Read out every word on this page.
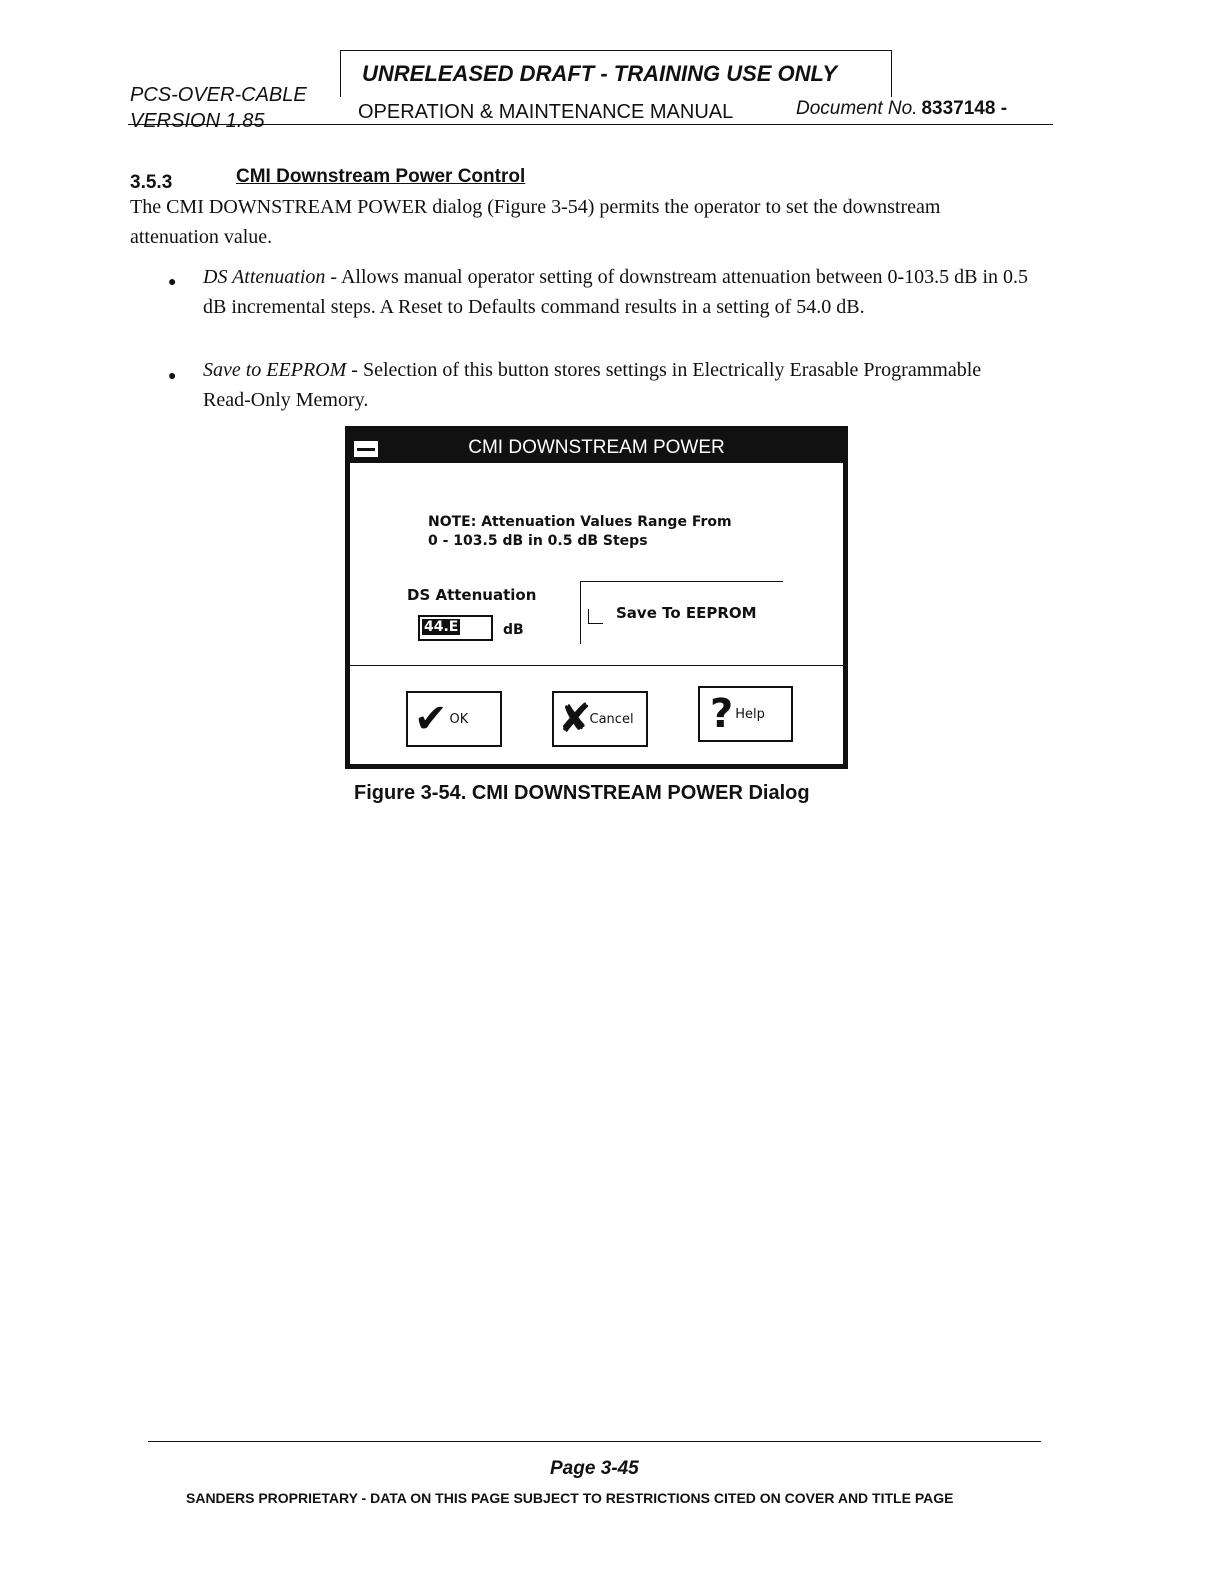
PCS-OVER-CABLE
VERSION 1.85
UNRELEASED DRAFT - TRAINING USE ONLY
OPERATION & MAINTENANCE MANUAL	Document No. 8337148 -
3.5.3	CMI Downstream Power Control
The CMI DOWNSTREAM POWER dialog (Figure 3-54) permits the operator to set the downstream attenuation value.
● DS Attenuation - Allows manual operator setting of downstream attenuation between 0-103.5 dB in 0.5 dB incremental steps. A Reset to Defaults command results in a setting of 54.0 dB.
● Save to EEPROM - Selection of this button stores settings in Electrically Erasable Programmable Read-Only Memory.
CMI DOWNSTREAM POWER
NOTE: Attenuation Values Range From
0 - 103.5 dB in 0.5 dB Steps
DS Attenuation
44.E	dB
Save To EEPROM
✔ OK ✘
Cancel ? Help
Figure 3-54. CMI DOWNSTREAM POWER Dialog
Page 3-45
SANDERS PROPRIETARY - DATA ON THIS PAGE SUBJECT TO RESTRICTIONS CITED ON COVER AND TITLE PAGE
